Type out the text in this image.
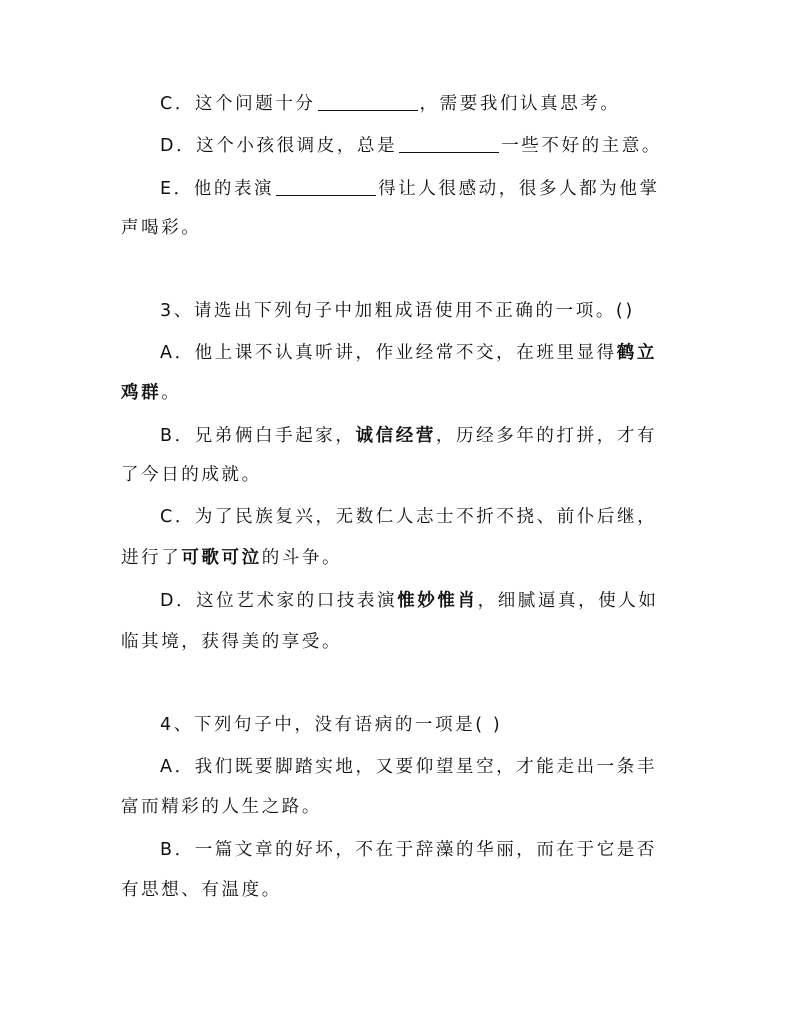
C．这个问题十分	，需要我们认真思考。
D．这个小孩很调皮，总是	一些不好的主意。
E．他的表演	得让人很感动，很多人都为他掌
声喝彩。
3、请选出下列句子中加粗成语使用不正确的一项。()
A．他上课不认真听讲，作业经常不交，在班里显得鹤立
鸡群。
B．兄弟俩白手起家，诚信经营，历经多年的打拼，才有
了今日的成就。
C．为了民族复兴，无数仁人志士不折不挠、前仆后继，
进行了可歌可泣的斗争。
D．这位艺术家的口技表演惟妙惟肖，细腻逼真，使人如
临其境，获得美的享受。
4、下列句子中，没有语病的一项是( )
A．我们既要脚踏实地，又要仰望星空，才能走出一条丰
富而精彩的人生之路。
B．一篇文章的好坏，不在于辞藻的华丽，而在于它是否
有思想、有温度。
